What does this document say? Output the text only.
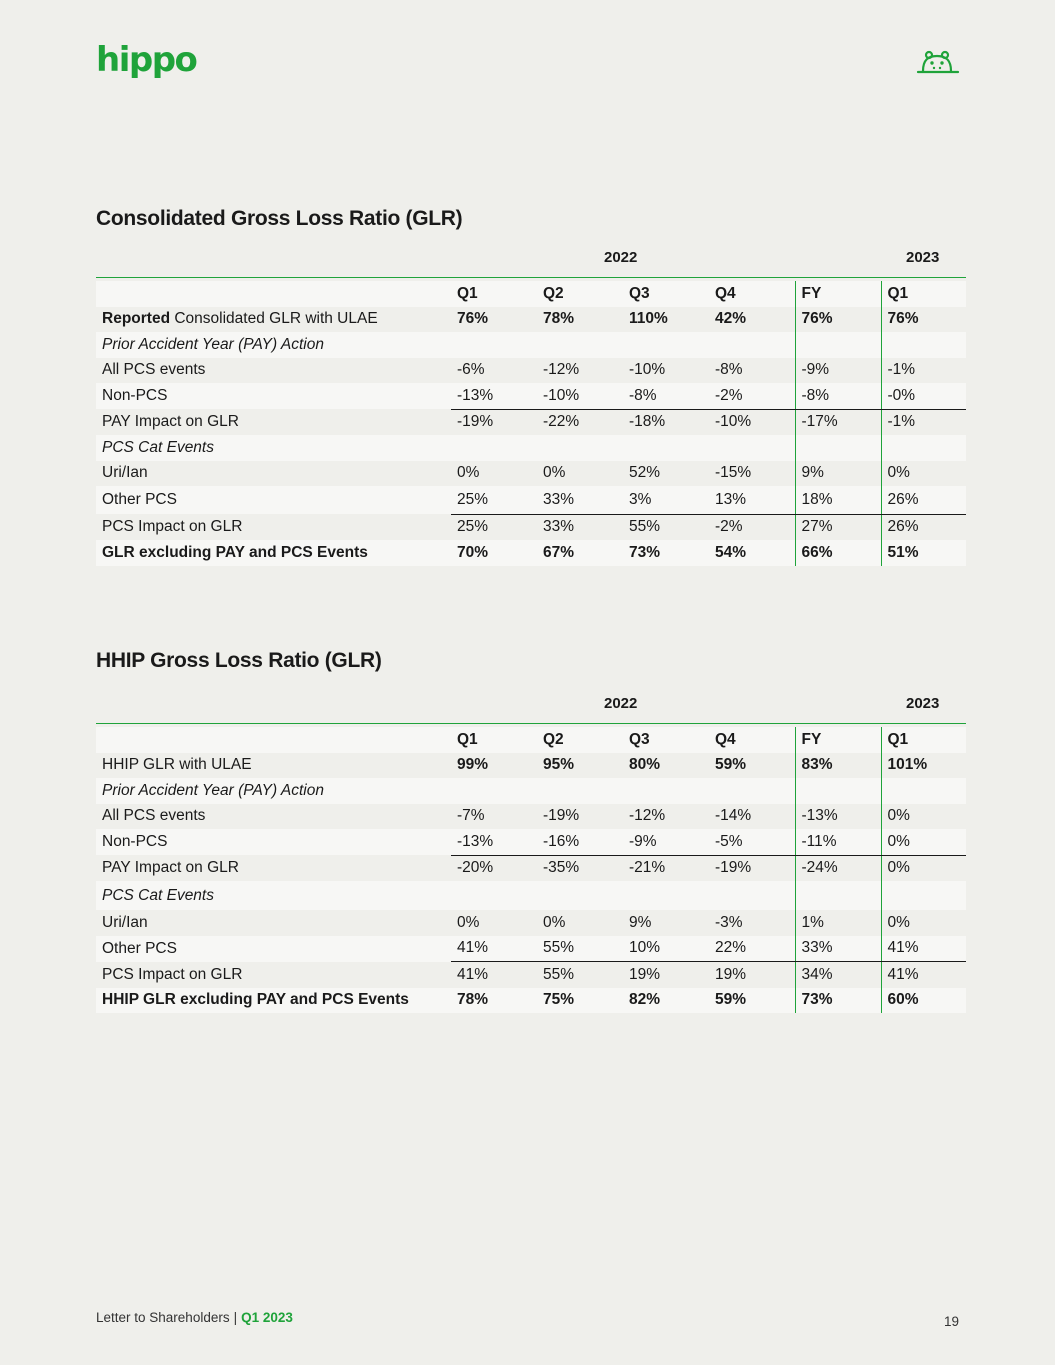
hippo
Consolidated Gross Loss Ratio (GLR)
2022	2023
	Q1	Q2	Q3	Q4	FY	Q1
Reported Consolidated GLR with ULAE	76%	78%	110%	42%	76%	76%
Prior Accident Year (PAY) Action						
All PCS events	-6%	-12%	-10%	-8%	-9%	-1%
Non-PCS	-13%	-10%	-8%	-2%	-8%	-0%
PAY Impact on GLR	-19%	-22%	-18%	-10%	-17%	-1%
PCS Cat Events						
Uri/Ian	0%	0%	52%	-15%	9%	0%
Other PCS	25%	33%	3%	13%	18%	26%
PCS Impact on GLR	25%	33%	55%	-2%	27%	26%
GLR excluding PAY and PCS Events	70%	67%	73%	54%	66%	51%
HHIP Gross Loss Ratio (GLR)
2022	2023
	Q1	Q2	Q3	Q4	FY	Q1
HHIP GLR with ULAE	99%	95%	80%	59%	83%	101%
Prior Accident Year (PAY) Action						
All PCS events	-7%	-19%	-12%	-14%	-13%	0%
Non-PCS	-13%	-16%	-9%	-5%	-11%	0%
PAY Impact on GLR	-20%	-35%	-21%	-19%	-24%	0%
PCS Cat Events						
Uri/Ian	0%	0%	9%	-3%	1%	0%
Other PCS	41%	55%	10%	22%	33%	41%
PCS Impact on GLR	41%	55%	19%	19%	34%	41%
HHIP GLR excluding PAY and PCS Events	78%	75%	82%	59%	73%	60%
Letter to Shareholders | Q1 2023	19
